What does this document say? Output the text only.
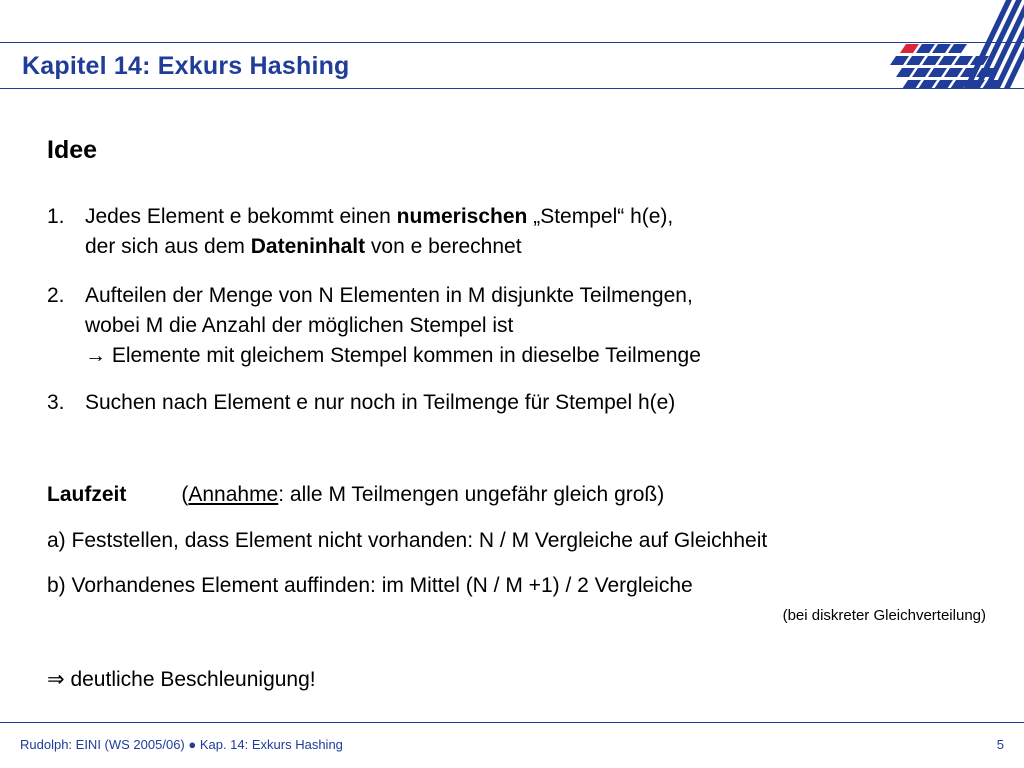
Kapitel 14: Exkurs Hashing
Idee
1. Jedes Element e bekommt einen numerischen „Stempel“ h(e),
der sich aus dem Dateninhalt von e berechnet
2. Aufteilen der Menge von N Elementen in M disjunkte Teilmengen,
wobei M die Anzahl der möglichen Stempel ist
→ Elemente mit gleichem Stempel kommen in dieselbe Teilmenge
3. Suchen nach Element e nur noch in Teilmenge für Stempel h(e)
Laufzeit	(Annahme: alle M Teilmengen ungefähr gleich groß)
a) Feststellen, dass Element nicht vorhanden: N / M Vergleiche auf Gleichheit
b) Vorhandenes Element auffinden: im Mittel (N / M +1) / 2 Vergleiche
(bei diskreter Gleichverteilung)
⇒ deutliche Beschleunigung!
Rudolph: EINI (WS 2005/06) ● Kap. 14: Exkurs Hashing	5
